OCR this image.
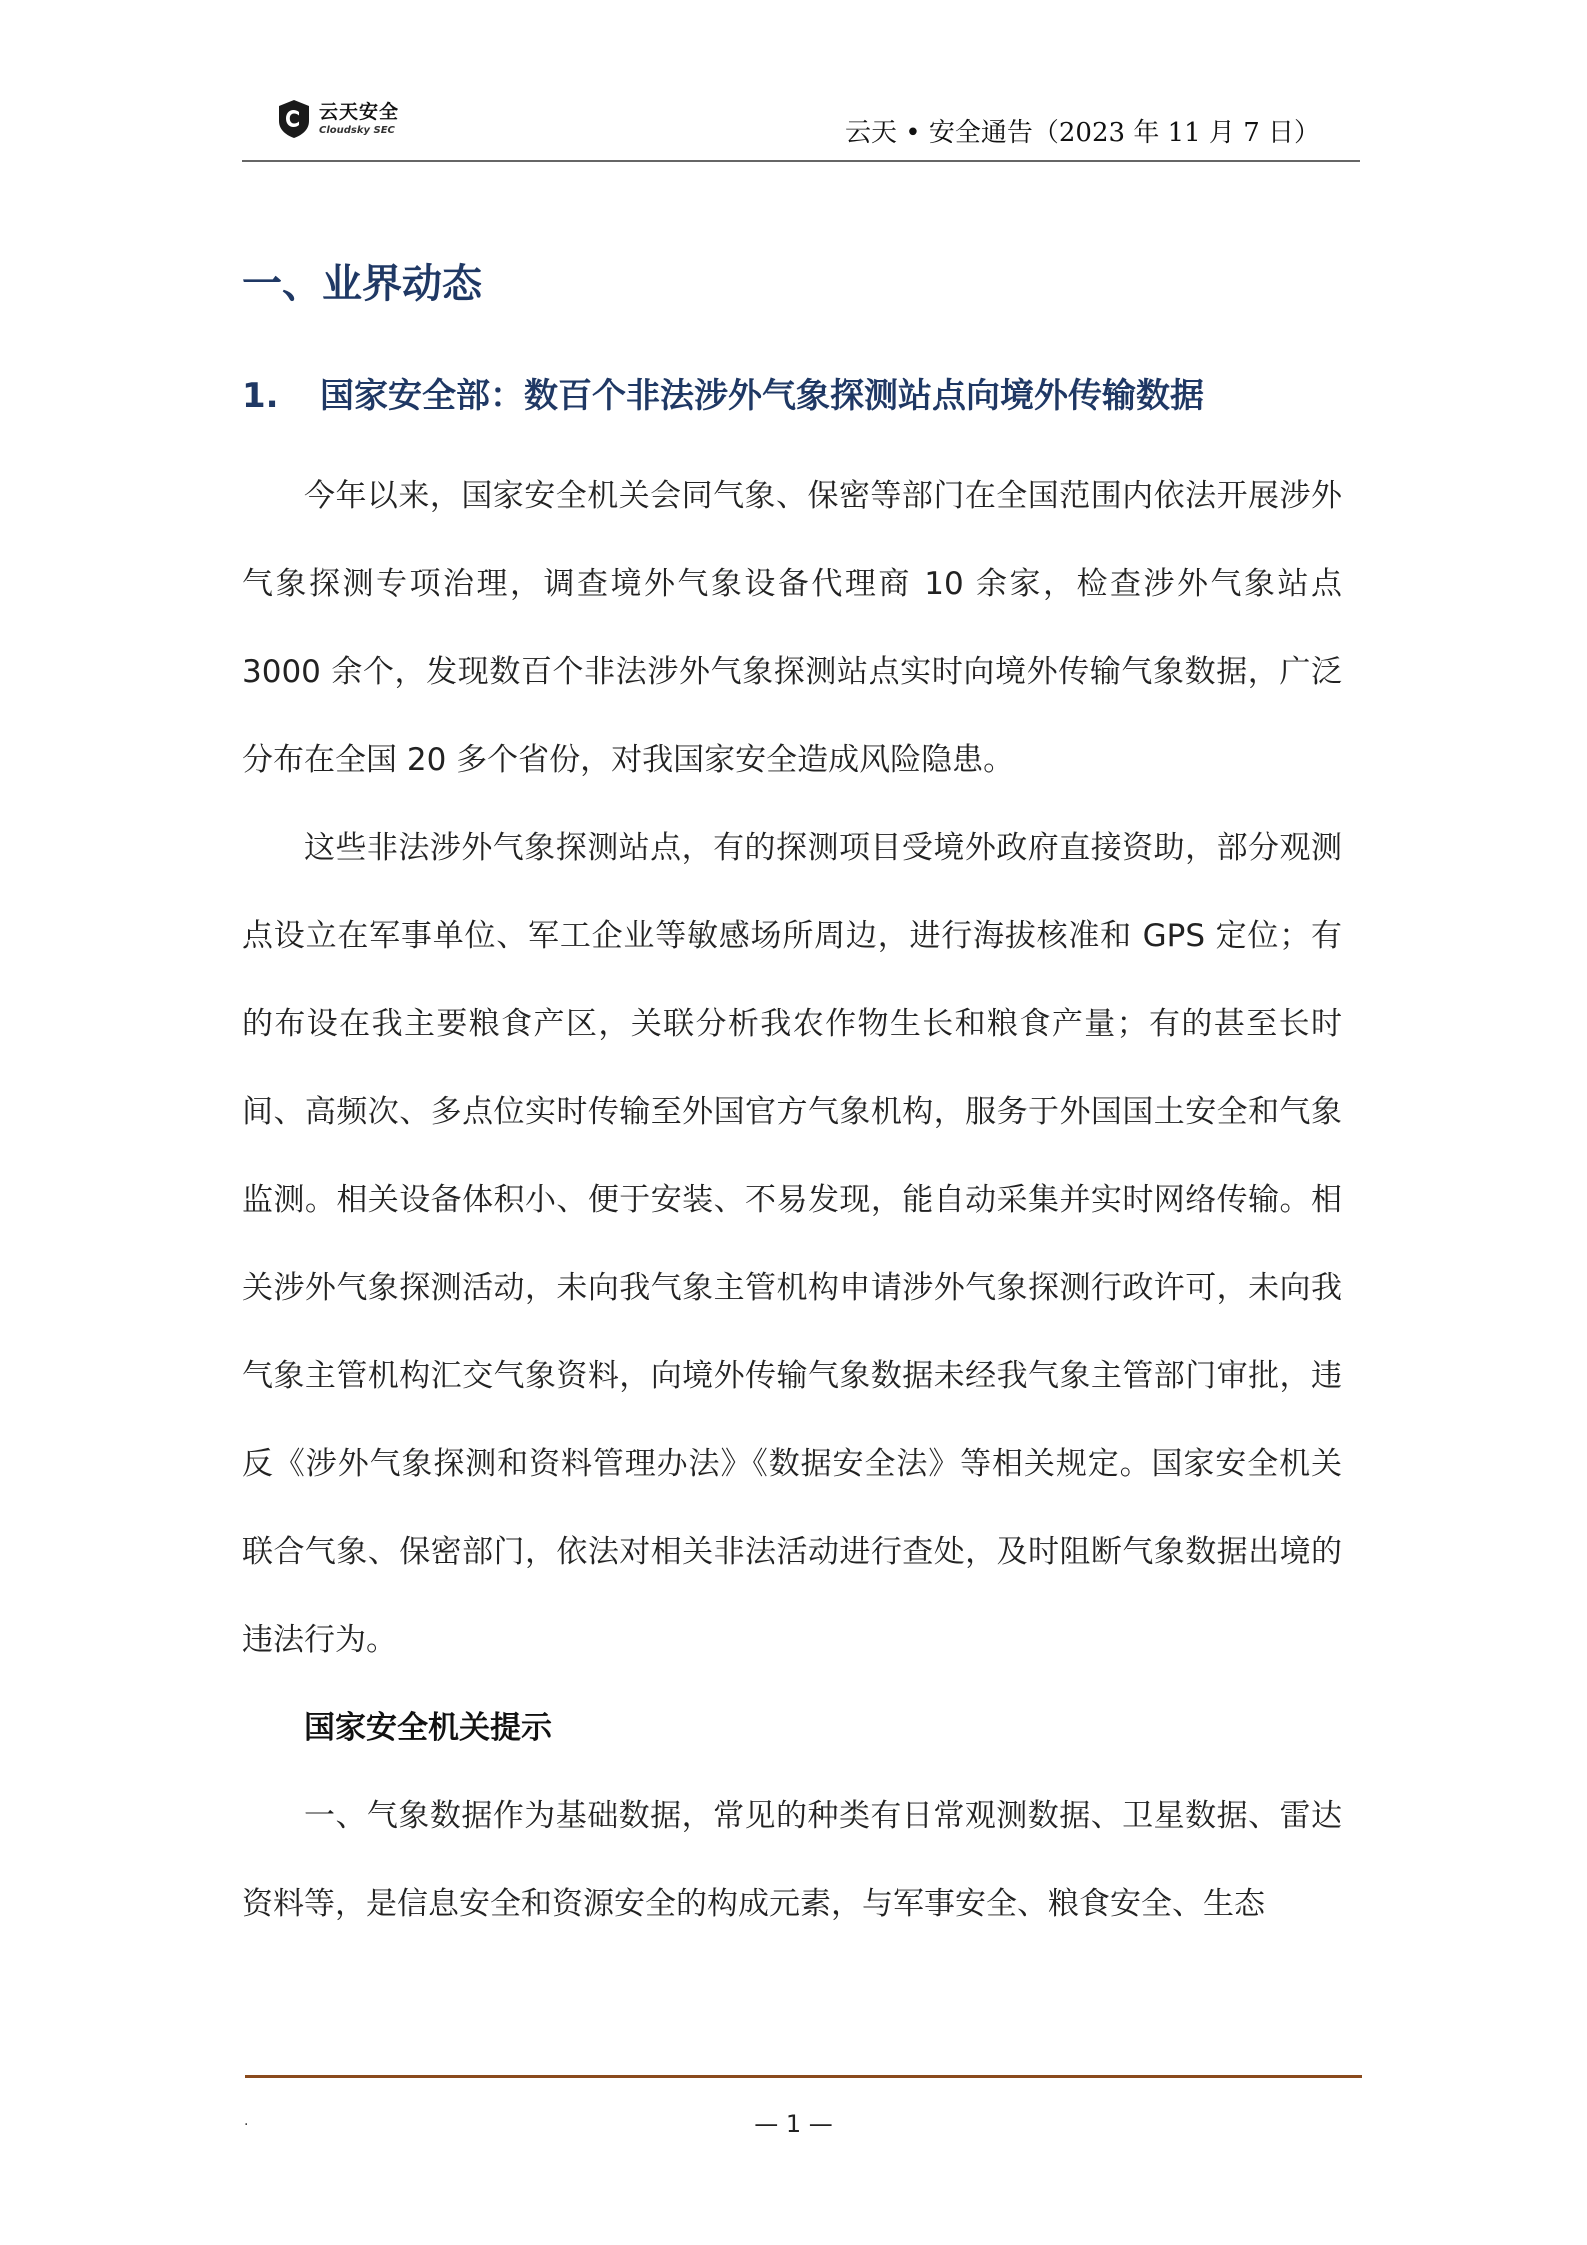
云天安全
Cloudsky SEC	云天 • 安全通告（2023 年 11 月 7 日）
一、业界动态
1. 国家安全部：数百个非法涉外气象探测站点向境外传输数据

今年以来，国家安全机关会同气象、保密等部门在全国范围内依法开展涉外气象探测专项治理，调查境外气象设备代理商 10 余家，检查涉外气象站点 3000 余个，发现数百个非法涉外气象探测站点实时向境外传输气象数据，广泛分布在全国 20 多个省份，对我国家安全造成风险隐患。

这些非法涉外气象探测站点，有的探测项目受境外政府直接资助，部分观测点设立在军事单位、军工企业等敏感场所周边，进行海拔核准和 GPS 定位；有的布设在我主要粮食产区，关联分析我农作物生长和粮食产量；有的甚至长时间、高频次、多点位实时传输至外国官方气象机构，服务于外国国土安全和气象监测。相关设备体积小、便于安装、不易发现，能自动采集并实时网络传输。相关涉外气象探测活动，未向我气象主管机构申请涉外气象探测行政许可，未向我气象主管机构汇交气象资料，向境外传输气象数据未经我气象主管部门审批，违反《涉外气象探测和资料管理办法》《数据安全法》等相关规定。国家安全机关联合气象、保密部门，依法对相关非法活动进行查处，及时阻断气象数据出境的违法行为。

国家安全机关提示

一、气象数据作为基础数据，常见的种类有日常观测数据、卫星数据、雷达资料等，是信息安全和资源安全的构成元素，与军事安全、粮食安全、生态

.	— 1 —
